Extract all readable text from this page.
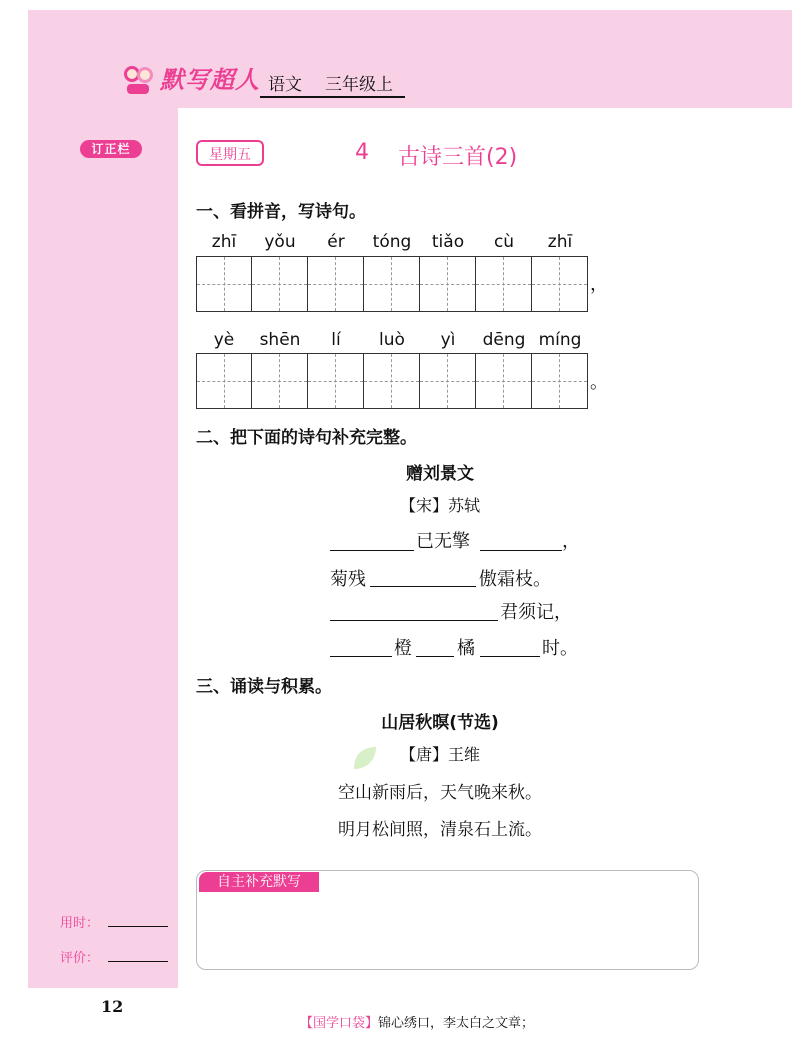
默写超人 语文 三年级上
订正栏
用时：
评价：
星期五	4 古诗三首(2)
一、看拼音，写诗句。
zhī	yǒu	ér	tóng	tiǎo	cù	zhī
，
yè	shēn	lí	luò	yì	dēng míng
。
二、把下面的诗句补充完整。
赠刘景文
【宋】苏轼
已无擎	，
菊残	傲霜枝。
君须记，
橙	橘	时。
三、诵读与积累。
山居秋暝(节选)
【唐】王维
空山新雨后，天气晚来秋。
明月松间照，清泉石上流。
自主补充默写
12
【国学口袋】锦心绣口，李太白之文章；
